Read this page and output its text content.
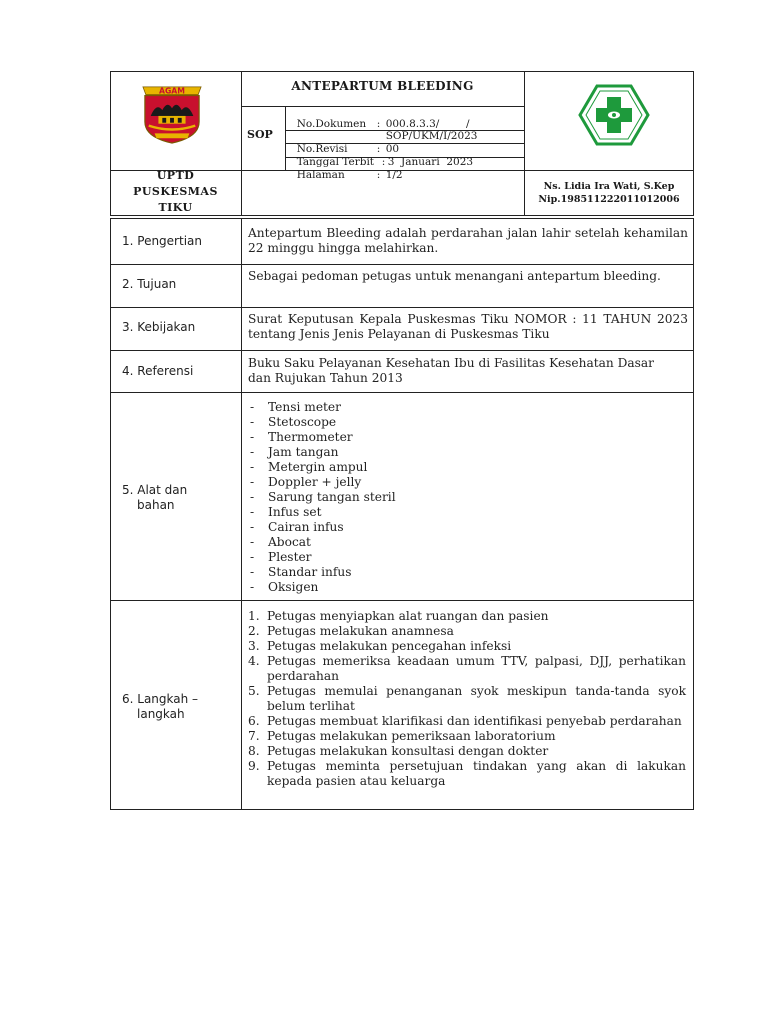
AGAM	ANTEPARTUM BLEEDING
SOP

No.Dokumen : 000.8.3.3/        /

SOP/UKM/I/2023

No.Revisi	: 00

Tanggal Terbit : 3  Januari  2023

Halaman	: 1/2

UPTD
PUSKESMAS
TIKU
Ns. Lidia Ira Wati, S.Kep
Nip.198511222011012006
1. Pengertian
Antepartum Bleeding adalah perdarahan jalan lahir setelah kehamilan 22 minggu hingga melahirkan.
2. Tujuan
Sebagai pedoman petugas untuk menangani antepartum bleeding.
3. Kebijakan
Surat Keputusan Kepala Puskesmas Tiku NOMOR : 11 TAHUN 2023 tentang Jenis Jenis Pelayanan di Puskesmas Tiku
4. Referensi
Buku Saku Pelayanan Kesehatan Ibu di Fasilitas Kesehatan Dasar dan Rujukan Tahun 2013
5. Alat dan
bahan
- Tensi meter
- Stetoscope
- Thermometer
- Jam tangan
- Metergin ampul
- Doppler + jelly
- Sarung tangan steril
- Infus set
- Cairan infus
- Abocat
- Plester
- Standar infus
- Oksigen
6. Langkah –
langkah
1. Petugas menyiapkan alat ruangan dan pasien
2. Petugas melakukan anamnesa
3. Petugas melakukan pencegahan infeksi
4. Petugas memeriksa keadaan umum TTV, palpasi, DJJ, perhatikan perdarahan
5. Petugas memulai penanganan syok meskipun tanda-tanda syok belum terlihat
6. Petugas membuat klarifikasi dan identifikasi penyebab perdarahan
7. Petugas melakukan pemeriksaan laboratorium
8. Petugas melakukan konsultasi dengan dokter
9. Petugas meminta persetujuan tindakan yang akan di lakukan kepada pasien atau keluarga
